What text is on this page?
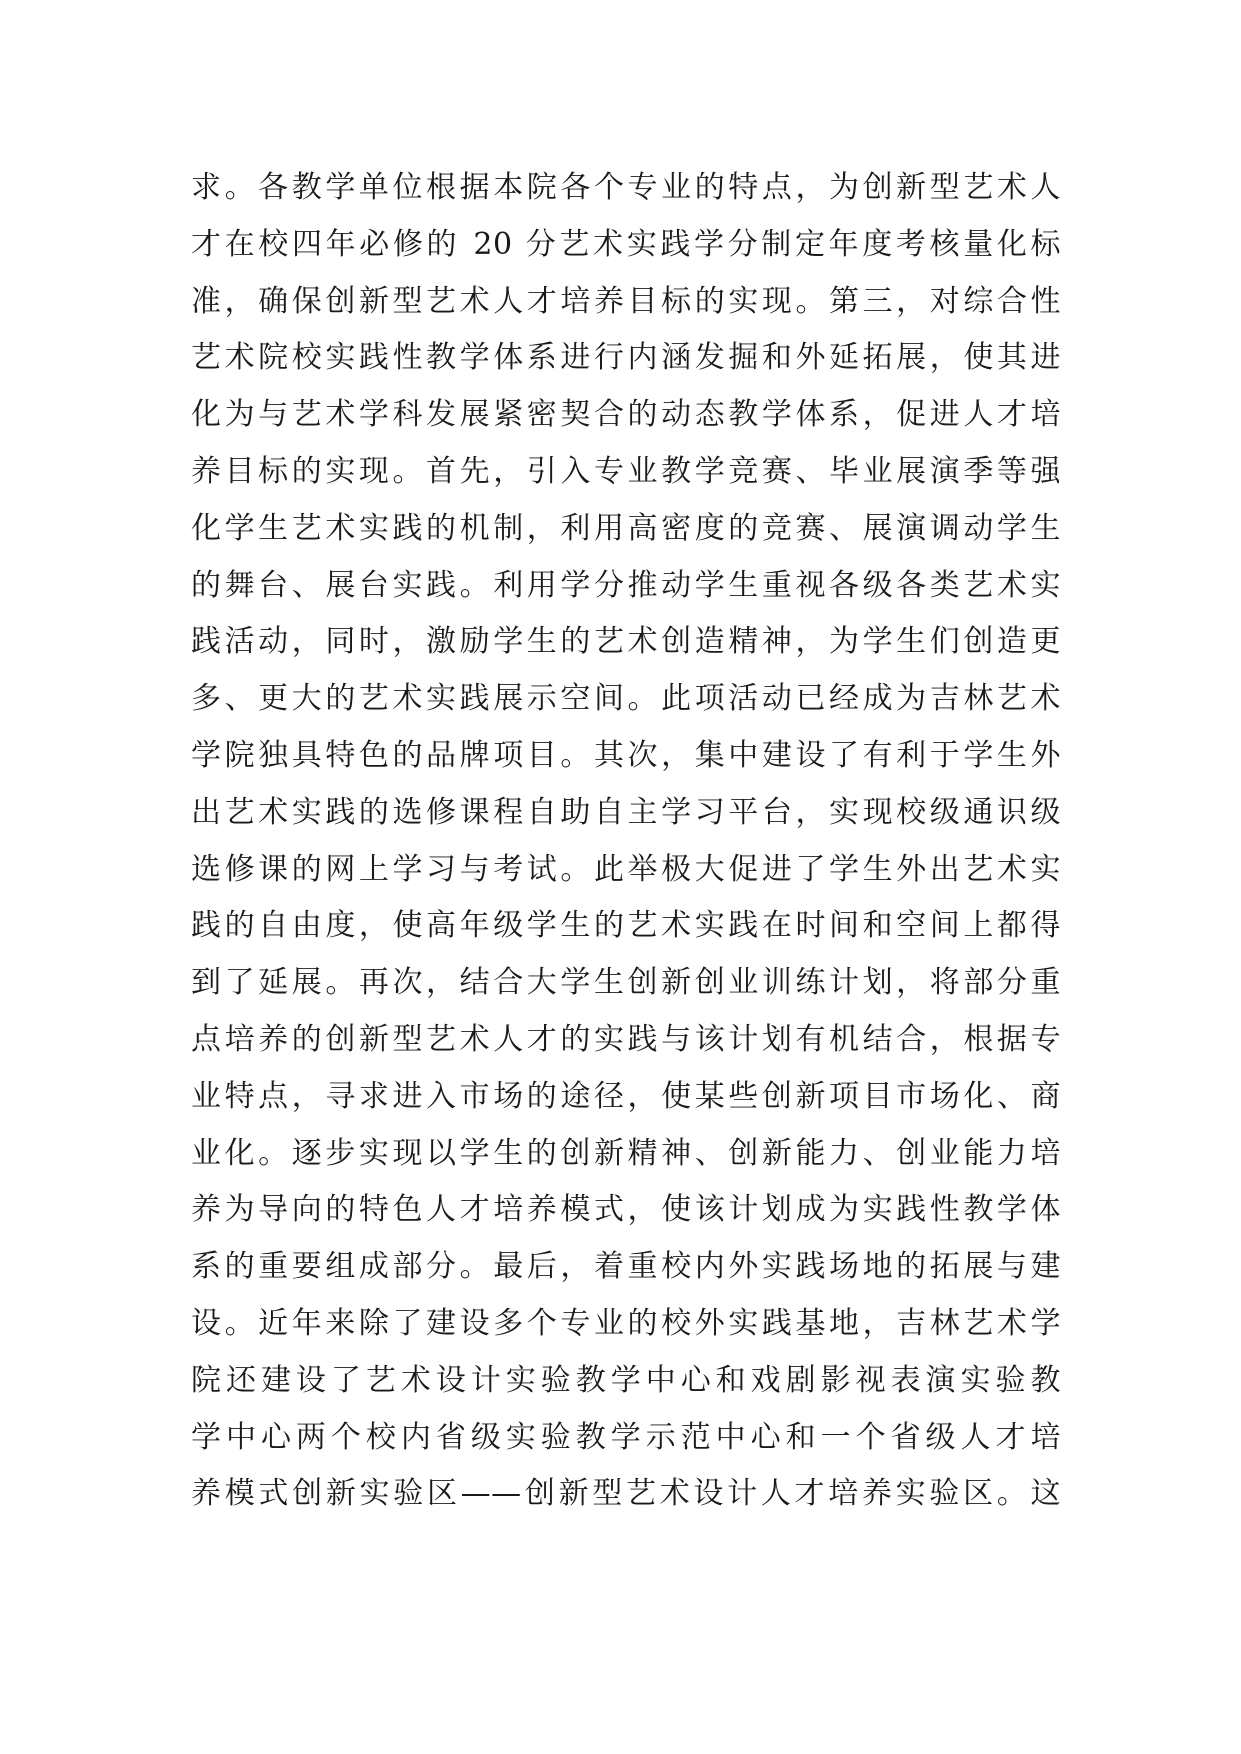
求。各教学单位根据本院各个专业的特点，为创新型艺术人
才在校四年必修的 20 分艺术实践学分制定年度考核量化标
准，确保创新型艺术人才培养目标的实现。第三，对综合性
艺术院校实践性教学体系进行内涵发掘和外延拓展，使其进
化为与艺术学科发展紧密契合的动态教学体系，促进人才培
养目标的实现。首先，引入专业教学竞赛、毕业展演季等强
化学生艺术实践的机制，利用高密度的竞赛、展演调动学生
的舞台、展台实践。利用学分推动学生重视各级各类艺术实
践活动，同时，激励学生的艺术创造精神，为学生们创造更
多、更大的艺术实践展示空间。此项活动已经成为吉林艺术
学院独具特色的品牌项目。其次，集中建设了有利于学生外
出艺术实践的选修课程自助自主学习平台，实现校级通识级
选修课的网上学习与考试。此举极大促进了学生外出艺术实
践的自由度，使高年级学生的艺术实践在时间和空间上都得
到了延展。再次，结合大学生创新创业训练计划，将部分重
点培养的创新型艺术人才的实践与该计划有机结合，根据专
业特点，寻求进入市场的途径，使某些创新项目市场化、商
业化。逐步实现以学生的创新精神、创新能力、创业能力培
养为导向的特色人才培养模式，使该计划成为实践性教学体
系的重要组成部分。最后，着重校内外实践场地的拓展与建
设。近年来除了建设多个专业的校外实践基地，吉林艺术学
院还建设了艺术设计实验教学中心和戏剧影视表演实验教
学中心两个校内省级实验教学示范中心和一个省级人才培
养模式创新实验区——创新型艺术设计人才培养实验区。这
